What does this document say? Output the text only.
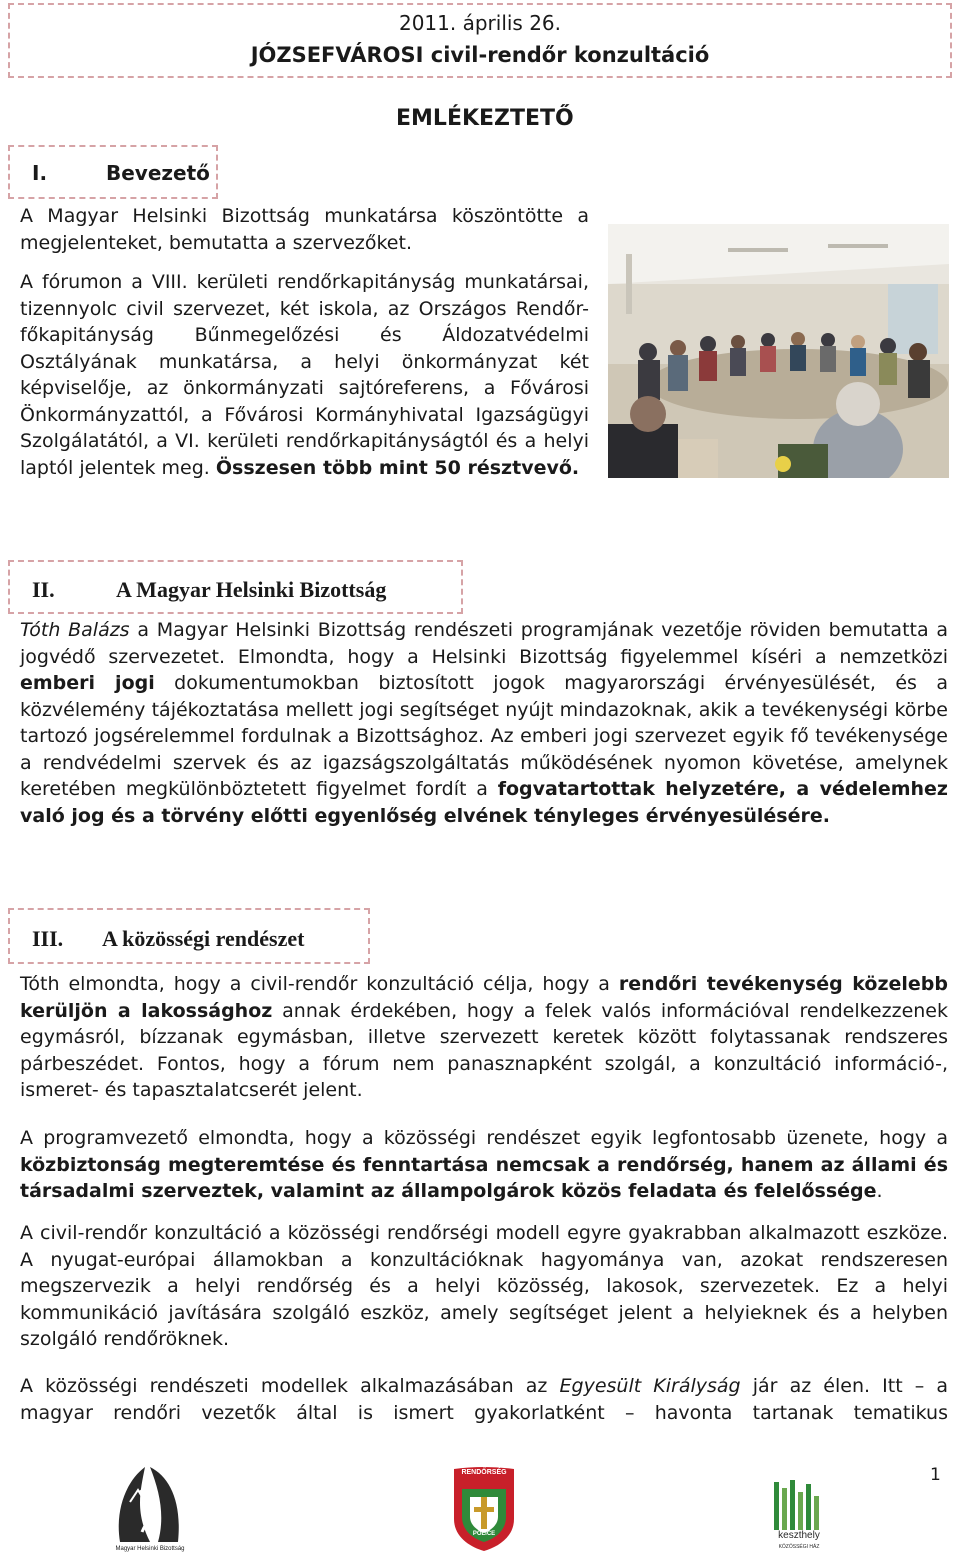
2011. április 26.
JÓZSEFVÁROSI civil-rendőr konzultáció
EMLÉKEZTETŐ
I.	Bevezető
A Magyar Helsinki Bizottság munkatársa köszöntötte a megjelenteket, bemutatta a szervezőket.
A fórumon a VIII. kerületi rendőrkapitányság munkatársai, tizennyolc civil szervezet, két iskola, az Országos Rendőr-főkapitányság Bűnmegelőzési és Áldozatvédelmi Osztályának munkatársa, a helyi önkormányzat két képviselője, az önkormányzati sajtóreferens, a Fővárosi Önkormányzattól, a Fővárosi Kormányhivatal Igazságügyi Szolgálatától, a VI. kerületi rendőrkapitányságtól és a helyi laptól jelentek meg. Összesen több mint 50 résztvevő.
II.	A Magyar Helsinki Bizottság
Tóth Balázs a Magyar Helsinki Bizottság rendészeti programjának vezetője röviden bemutatta a jogvédő szervezetet. Elmondta, hogy a Helsinki Bizottság figyelemmel kíséri a nemzetközi emberi jogi dokumentumokban biztosított jogok magyarországi érvényesülését, és a közvélemény tájékoztatása mellett jogi segítséget nyújt mindazoknak, akik a tevékenységi körbe tartozó jogsérelemmel fordulnak a Bizottsághoz. Az emberi jogi szervezet egyik fő tevékenysége a rendvédelmi szervek és az igazságszolgáltatás működésének nyomon követése, amelynek keretében megkülönböztetett figyelmet fordít a fogvatartottak helyzetére, a védelemhez való jog és a törvény előtti egyenlőség elvének tényleges érvényesülésére.
III. A közösségi rendészet
Tóth elmondta, hogy a civil-rendőr konzultáció célja, hogy a rendőri tevékenység közelebb kerüljön a lakossághoz annak érdekében, hogy a felek valós információval rendelkezzenek egymásról, bízzanak egymásban, illetve szervezett keretek között folytassanak rendszeres párbeszédet. Fontos, hogy a fórum nem panasznapként szolgál, a konzultáció információ-, ismeret- és tapasztalatcserét jelent.
A programvezető elmondta, hogy a közösségi rendészet egyik legfontosabb üzenete, hogy a közbiztonság megteremtése és fenntartása nemcsak a rendőrség, hanem az állami és társadalmi szerveztek, valamint az állampolgárok közös feladata és felelőssége.
A civil-rendőr konzultáció a közösségi rendőrségi modell egyre gyakrabban alkalmazott eszköze. A nyugat-európai államokban a konzultációknak hagyománya van, azokat rendszeresen megszervezik a helyi rendőrség és a helyi közösség, lakosok, szervezetek. Ez a helyi kommunikáció javítására szolgáló eszköz, amely segítséget jelent a helyieknek és a helyben szolgáló rendőröknek.
A közösségi rendészeti modellek alkalmazásában az Egyesült Királyság jár az élen. Itt – a magyar rendőri vezetők által is ismert gyakorlatként – havonta tartanak tematikus
1
Magyar Helsinki Bizottság
RENDŐRSÉG
POLICE	keszthely
KÖZÖSSÉGI HÁZ
